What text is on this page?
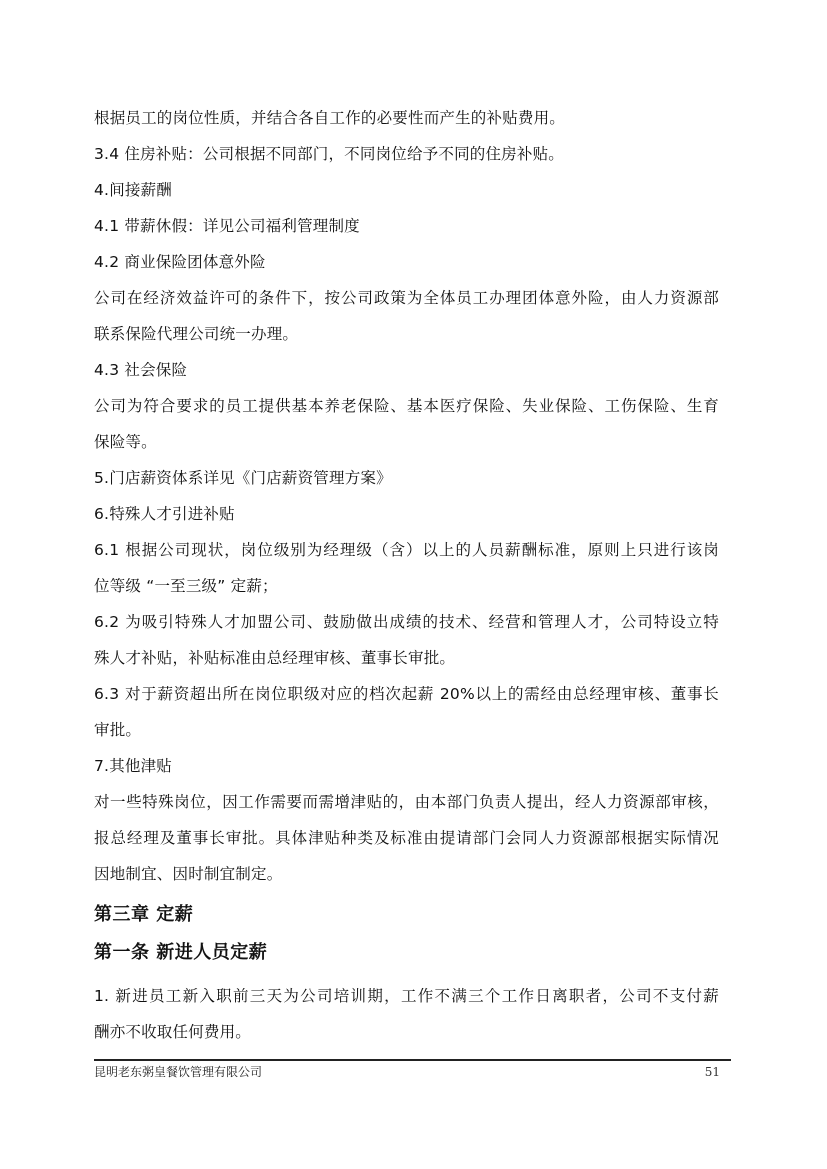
根据员工的岗位性质，并结合各自工作的必要性而产生的补贴费用。
3.4 住房补贴：公司根据不同部门，不同岗位给予不同的住房补贴。
4.间接薪酬
4.1 带薪休假：详见公司福利管理制度
4.2 商业保险团体意外险
公司在经济效益许可的条件下，按公司政策为全体员工办理团体意外险，由人力资源部
联系保险代理公司统一办理。
4.3 社会保险
公司为符合要求的员工提供基本养老保险、基本医疗保险、失业保险、工伤保险、生育
保险等。
5.门店薪资体系详见《门店薪资管理方案》
6.特殊人才引进补贴
6.1 根据公司现状，岗位级别为经理级（含）以上的人员薪酬标准，原则上只进行该岗
位等级 “一至三级” 定薪；
6.2 为吸引特殊人才加盟公司、鼓励做出成绩的技术、经营和管理人才，公司特设立特
殊人才补贴，补贴标准由总经理审核、董事长审批。
6.3 对于薪资超出所在岗位职级对应的档次起薪 20%以上的需经由总经理审核、董事长
审批。
7.其他津贴
对一些特殊岗位，因工作需要而需增津贴的，由本部门负责人提出，经人力资源部审核，
报总经理及董事长审批。具体津贴种类及标准由提请部门会同人力资源部根据实际情况
因地制宜、因时制宜制定。
第三章 定薪
第一条 新进人员定薪
1. 新进员工新入职前三天为公司培训期，工作不满三个工作日离职者，公司不支付薪
酬亦不收取任何费用。
昆明老东粥皇餐饮管理有限公司	51
